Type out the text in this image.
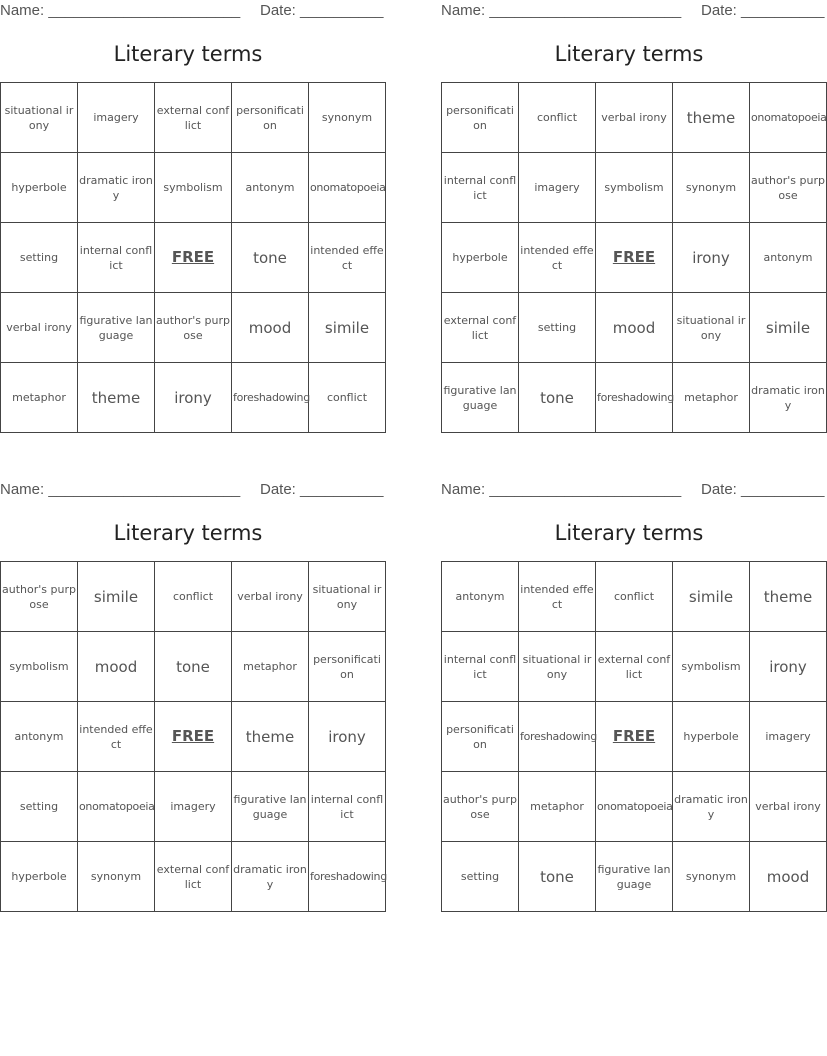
Name: _______________________ Date: __________
Literary terms
situational irony	imagery	external conflict	personification	synonym
hyperbole	dramatic irony	symbolism	antonym	onomatopoeia
setting	internal conflict	FREE	tone	intended effect
verbal irony	figurative language	author's purpose	mood	simile
metaphor	theme	irony	foreshadowing	conflict
Name: _______________________ Date: __________
Literary terms
personification	conflict	verbal irony	theme	onomatopoeia
internal conflict	imagery	symbolism	synonym	author's purpose
hyperbole	intended effect	FREE	irony	antonym
external conflict	setting	mood	situational irony	simile
figurative language	tone	foreshadowing	metaphor	dramatic irony
Name: _______________________ Date: __________
Literary terms
author's purpose	simile	conflict	verbal irony	situational irony
symbolism	mood	tone	metaphor	personification
antonym	intended effect	FREE	theme	irony
setting	onomatopoeia	imagery	figurative language	internal conflict
hyperbole	synonym	external conflict	dramatic irony	foreshadowing
Name: _______________________ Date: __________
Literary terms
antonym	intended effect	conflict	simile	theme
internal conflict	situational irony	external conflict	symbolism	irony
personification	foreshadowing	FREE	hyperbole	imagery
author's purpose	metaphor	onomatopoeia	dramatic irony	verbal irony
setting	tone	figurative language	synonym	mood
